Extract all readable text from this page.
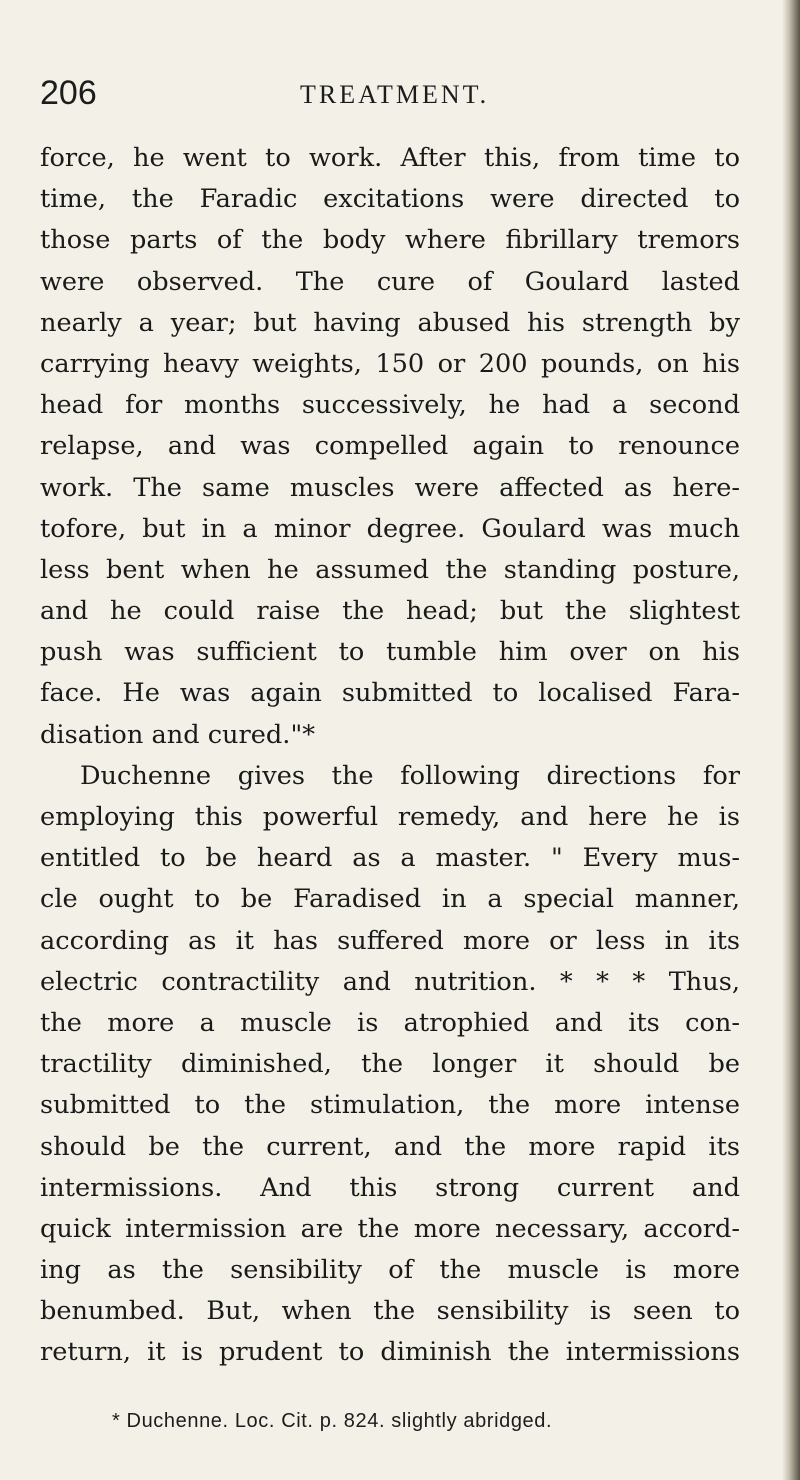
206	TREATMENT.
force, he went to work. After this, from time to
time, the Faradic excitations were directed to
those parts of the body where fibrillary tremors
were observed. The cure of Goulard lasted
nearly a year; but having abused his strength by
carrying heavy weights, 150 or 200 pounds, on his
head for months successively, he had a second
relapse, and was compelled again to renounce
work. The same muscles were affected as here-
tofore, but in a minor degree. Goulard was much
less bent when he assumed the standing posture,
and he could raise the head; but the slightest
push was sufficient to tumble him over on his
face. He was again submitted to localised Fara-
disation and cured."*
Duchenne gives the following directions for
employing this powerful remedy, and here he is
entitled to be heard as a master. " Every mus-
cle ought to be Faradised in a special manner,
according as it has suffered more or less in its
electric contractility and nutrition. * * * Thus,
the more a muscle is atrophied and its con-
tractility diminished, the longer it should be
submitted to the stimulation, the more intense
should be the current, and the more rapid its
intermissions. And this strong current and
quick intermission are the more necessary, accord-
ing as the sensibility of the muscle is more
benumbed. But, when the sensibility is seen to
return, it is prudent to diminish the intermissions
* Duchenne. Loc. Cit. p. 824. slightly abridged.
